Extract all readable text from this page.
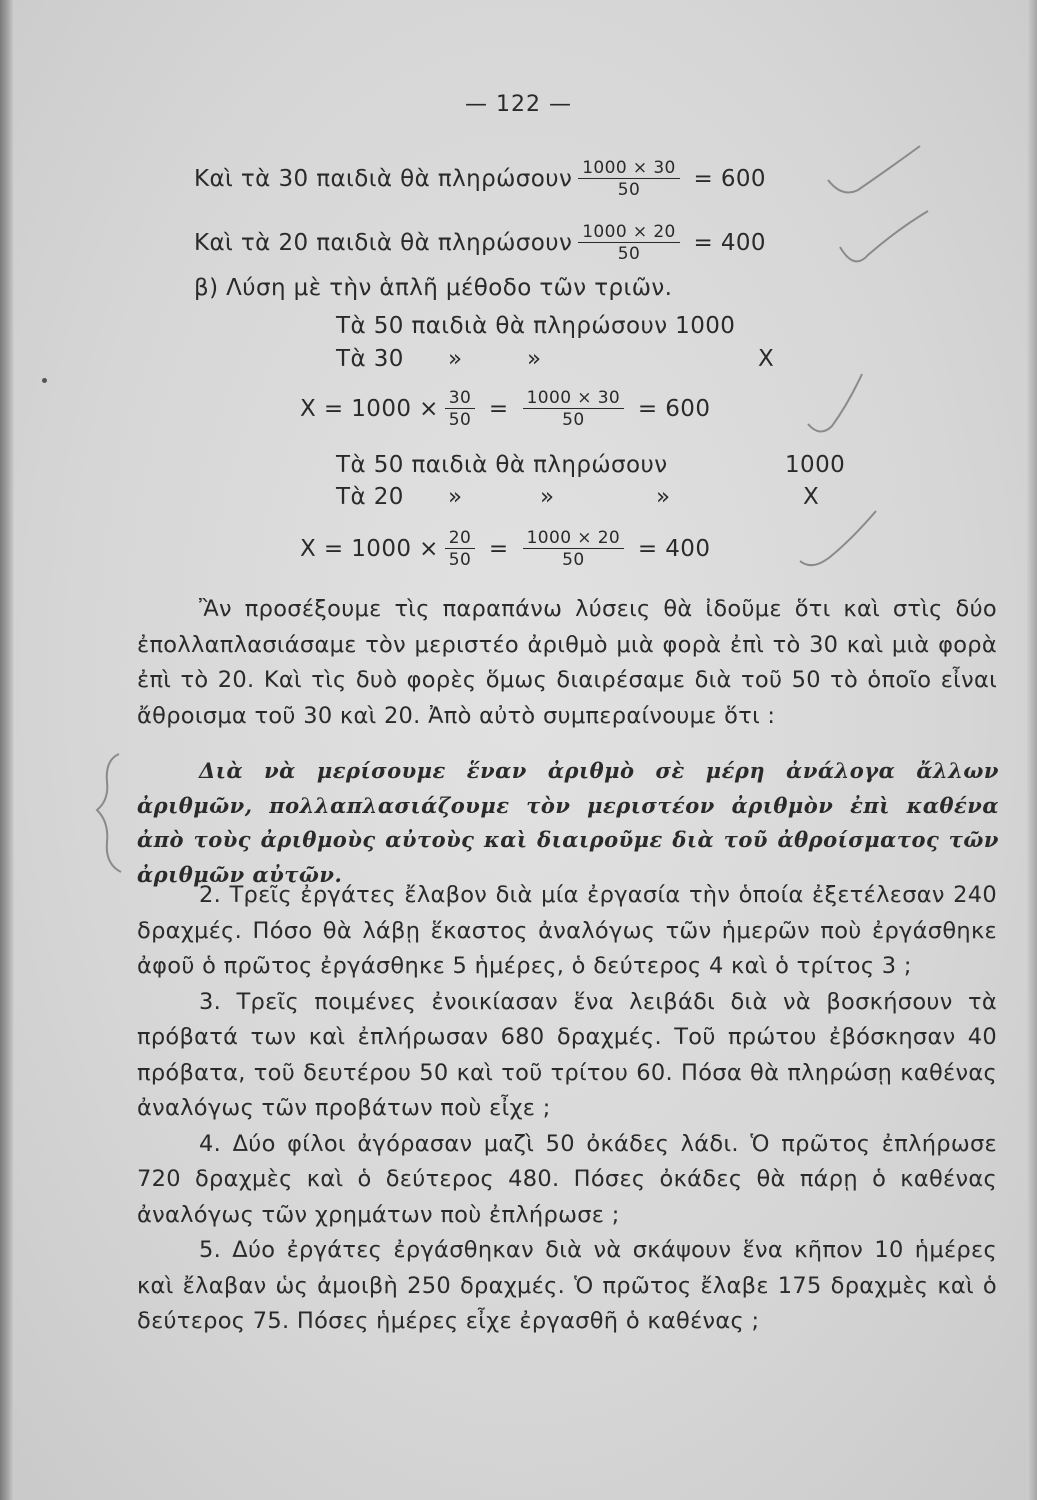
— 122 —
Καὶ τὰ 30 παιδιὰ θὰ πληρώσουν $\frac{1000 \times 30}{50} = 600$
Καὶ τὰ 20 παιδιὰ θὰ πληρώσουν $\frac{1000 \times 20}{50} = 400$
β) Λύση μὲ τὴν ἁπλῆ μέθοδο τῶν τριῶν.
Τὰ 50 παιδιὰ θὰ πληρώσουν 1000
Τὰ 30 »	»	Χ
$X = 1000 \times \frac{30}{50} = \frac{1000 \times 30}{50} = 600$
Τὰ 50 παιδιὰ θὰ πληρώσουν	1000
Τὰ 20 »	»	»	Χ
$X = 1000 \times \frac{20}{50} = \frac{1000 \times 20}{50} = 400$

Ἂν προσέξουμε τὶς παραπάνω λύσεις θὰ ἰδοῦμε ὅτι καὶ στὶς δύο ἐπολλαπλασιάσαμε τὸν μεριστέο ἀριθμὸ μιὰ φορὰ ἐπὶ τὸ 30 καὶ μιὰ φορὰ ἐπὶ τὸ 20. Καὶ τὶς δυὸ φορὲς ὅμως διαιρέσαμε διὰ τοῦ 50 τὸ ὁποῖο εἶναι ἄθροισμα τοῦ 30 καὶ 20. Ἀπὸ αὐτὸ συμπεραίνουμε ὅτι :

Διὰ νὰ μερίσουμε ἕναν ἀριθμὸ σὲ μέρη ἀνάλογα ἄλλων ἀριθμῶν, πολλαπλασιάζουμε τὸν μεριστέον ἀριθμὸν ἐπὶ καθένα ἀπὸ τοὺς ἀριθμοὺς αὐτοὺς καὶ διαιροῦμε διὰ τοῦ ἀθροίσματος τῶν ἀριθμῶν αὐτῶν.

2. Τρεῖς ἐργάτες ἔλαβον διὰ μία ἐργασία τὴν ὁποία ἐξετέλεσαν 240 δραχμές. Πόσο θὰ λάβῃ ἕκαστος ἀναλόγως τῶν ἡμερῶν ποὺ ἐργάσθηκε ἀφοῦ ὁ πρῶτος ἐργάσθηκε 5 ἡμέρες, ὁ δεύτερος 4 καὶ ὁ τρίτος 3 ;

3. Τρεῖς ποιμένες ἐνοικίασαν ἕνα λειβάδι διὰ νὰ βοσκήσουν τὰ πρόβατά των καὶ ἐπλήρωσαν 680 δραχμές. Τοῦ πρώτου ἐβόσκησαν 40 πρόβατα, τοῦ δευτέρου 50 καὶ τοῦ τρίτου 60. Πόσα θὰ πληρώσῃ καθένας ἀναλόγως τῶν προβάτων ποὺ εἶχε ;

4. Δύο φίλοι ἀγόρασαν μαζὶ 50 ὀκάδες λάδι. Ὁ πρῶτος ἐπλήρωσε 720 δραχμὲς καὶ ὁ δεύτερος 480. Πόσες ὀκάδες θὰ πάρῃ ὁ καθένας ἀναλόγως τῶν χρημάτων ποὺ ἐπλήρωσε ;

5. Δύο ἐργάτες ἐργάσθηκαν διὰ νὰ σκάψουν ἕνα κῆπον 10 ἡμέρες καὶ ἔλαβαν ὡς ἀμοιβὴ 250 δραχμές. Ὁ πρῶτος ἔλαβε 175 δραχμὲς καὶ ὁ δεύτερος 75. Πόσες ἡμέρες εἶχε ἐργασθῆ ὁ καθένας ;
